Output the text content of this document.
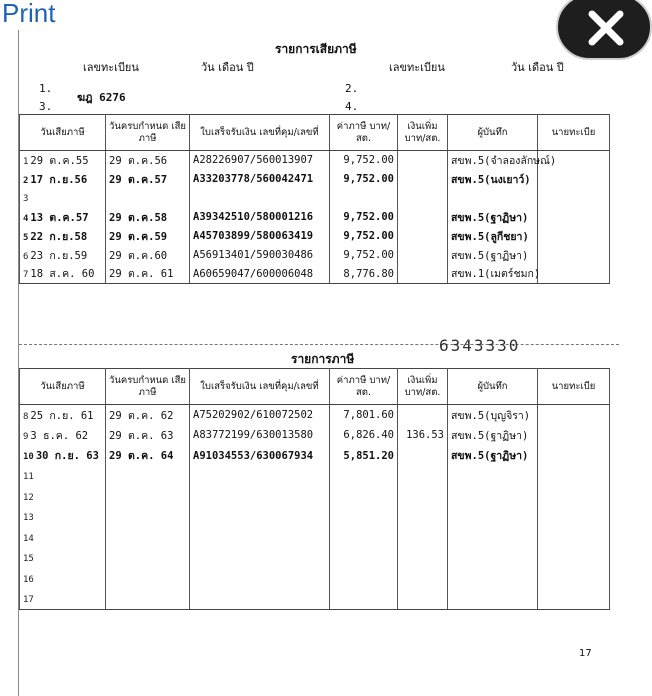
Print
รายการเสียภาษี
เลขทะเบียน	วัน เดือน ปี	เลขทะเบียน	วัน เดือน ปี
1.
ฆฎ 6276
3.
2.
4.
วันเสียภาษี	วันครบกำหนด เสียภาษี	ใบเสร็จรับเงิน เลขที่คุม/เลขที่	ค่าภาษี บาท/สต.	เงินเพิ่ม บาท/สต.	ผู้บันทึก	นายทะเบีย
1 29 ต.ค.55	29 ต.ค.56	A28226907/560013907	9,752.00		สขพ.5(จำลองลักษณ์)	
2 17 ก.ย.56	29 ต.ค.57	A33203778/560042471	9,752.00		สขพ.5(นงเยาว์)	
3						
4 13 ต.ค.57	29 ต.ค.58	A39342510/580001216	9,752.00		สขพ.5(ฐาฏิษา)	
5 22 ก.ย.58	29 ต.ค.59	A45703899/580063419	9,752.00		สขพ.5(ลูกีชยา)	
6 23 ก.ย.59	29 ต.ค.60	A56913401/590030486	9,752.00		สขพ.5(ฐาฏิษา)	
7 18 ส.ค. 60	29 ต.ค. 61	A60659047/600006048	8,776.80		สขพ.1(เมตร์ชมก)	
รายการภาษี
6343330
วันเสียภาษี	วันครบกำหนด เสียภาษี	ใบเสร็จรับเงิน เลขที่คุม/เลขที่	ค่าภาษี บาท/สต.	เงินเพิ่ม บาท/สต.	ผู้บันทึก	นายทะเบีย
8 25 ก.ย. 61	29 ต.ค. 62	A75202902/610072502	7,801.60		สขพ.5(บุญจิรา)	
9 3 ธ.ค. 62	29 ต.ค. 63	A83772199/630013580	6,826.40	136.53	สขพ.5(ฐาฏิษา)	
10 30 ก.ย. 63	29 ต.ค. 64	A91034553/630067934	5,851.20		สขพ.5(ฐาฏิษา)	
11						
12						
13						
14						
15						
16						
17						
17
